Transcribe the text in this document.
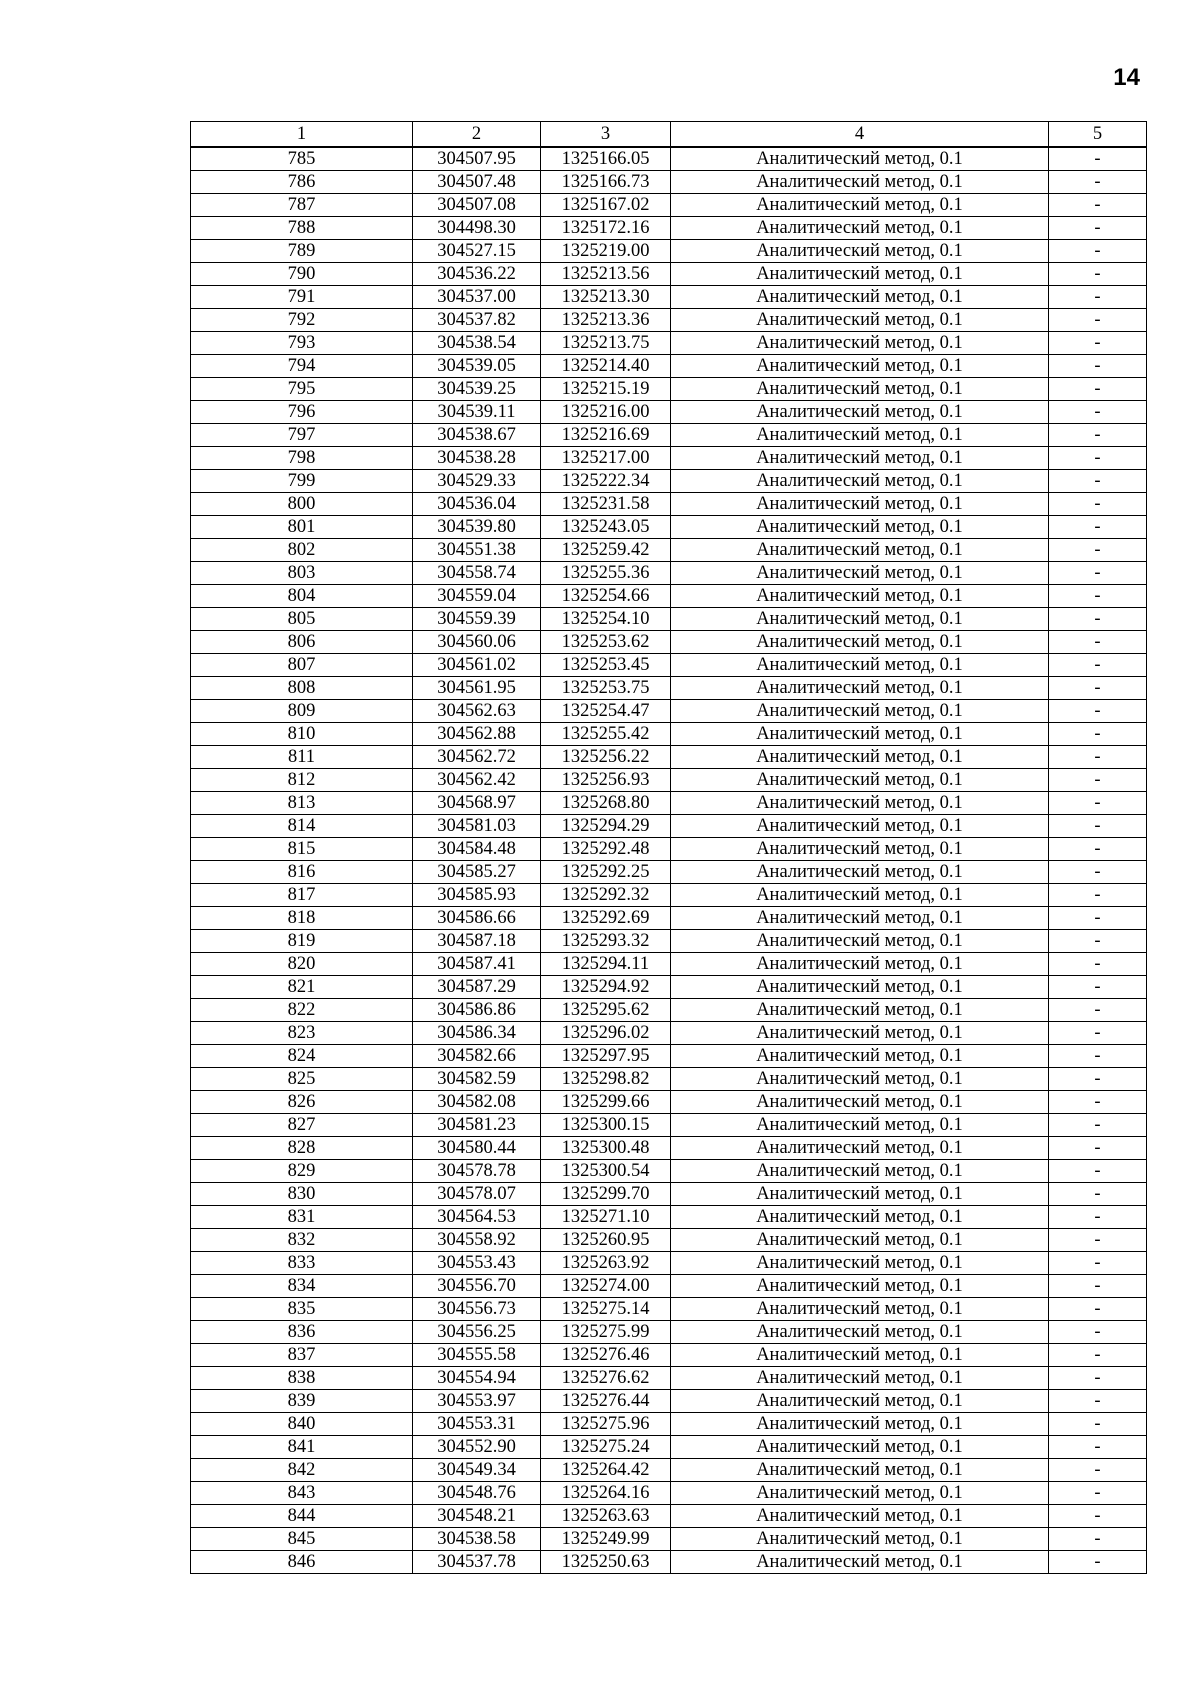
14
1	2	3	4	5
785	304507.95	1325166.05	Аналитический метод, 0.1	-
786	304507.48	1325166.73	Аналитический метод, 0.1	-
787	304507.08	1325167.02	Аналитический метод, 0.1	-
788	304498.30	1325172.16	Аналитический метод, 0.1	-
789	304527.15	1325219.00	Аналитический метод, 0.1	-
790	304536.22	1325213.56	Аналитический метод, 0.1	-
791	304537.00	1325213.30	Аналитический метод, 0.1	-
792	304537.82	1325213.36	Аналитический метод, 0.1	-
793	304538.54	1325213.75	Аналитический метод, 0.1	-
794	304539.05	1325214.40	Аналитический метод, 0.1	-
795	304539.25	1325215.19	Аналитический метод, 0.1	-
796	304539.11	1325216.00	Аналитический метод, 0.1	-
797	304538.67	1325216.69	Аналитический метод, 0.1	-
798	304538.28	1325217.00	Аналитический метод, 0.1	-
799	304529.33	1325222.34	Аналитический метод, 0.1	-
800	304536.04	1325231.58	Аналитический метод, 0.1	-
801	304539.80	1325243.05	Аналитический метод, 0.1	-
802	304551.38	1325259.42	Аналитический метод, 0.1	-
803	304558.74	1325255.36	Аналитический метод, 0.1	-
804	304559.04	1325254.66	Аналитический метод, 0.1	-
805	304559.39	1325254.10	Аналитический метод, 0.1	-
806	304560.06	1325253.62	Аналитический метод, 0.1	-
807	304561.02	1325253.45	Аналитический метод, 0.1	-
808	304561.95	1325253.75	Аналитический метод, 0.1	-
809	304562.63	1325254.47	Аналитический метод, 0.1	-
810	304562.88	1325255.42	Аналитический метод, 0.1	-
811	304562.72	1325256.22	Аналитический метод, 0.1	-
812	304562.42	1325256.93	Аналитический метод, 0.1	-
813	304568.97	1325268.80	Аналитический метод, 0.1	-
814	304581.03	1325294.29	Аналитический метод, 0.1	-
815	304584.48	1325292.48	Аналитический метод, 0.1	-
816	304585.27	1325292.25	Аналитический метод, 0.1	-
817	304585.93	1325292.32	Аналитический метод, 0.1	-
818	304586.66	1325292.69	Аналитический метод, 0.1	-
819	304587.18	1325293.32	Аналитический метод, 0.1	-
820	304587.41	1325294.11	Аналитический метод, 0.1	-
821	304587.29	1325294.92	Аналитический метод, 0.1	-
822	304586.86	1325295.62	Аналитический метод, 0.1	-
823	304586.34	1325296.02	Аналитический метод, 0.1	-
824	304582.66	1325297.95	Аналитический метод, 0.1	-
825	304582.59	1325298.82	Аналитический метод, 0.1	-
826	304582.08	1325299.66	Аналитический метод, 0.1	-
827	304581.23	1325300.15	Аналитический метод, 0.1	-
828	304580.44	1325300.48	Аналитический метод, 0.1	-
829	304578.78	1325300.54	Аналитический метод, 0.1	-
830	304578.07	1325299.70	Аналитический метод, 0.1	-
831	304564.53	1325271.10	Аналитический метод, 0.1	-
832	304558.92	1325260.95	Аналитический метод, 0.1	-
833	304553.43	1325263.92	Аналитический метод, 0.1	-
834	304556.70	1325274.00	Аналитический метод, 0.1	-
835	304556.73	1325275.14	Аналитический метод, 0.1	-
836	304556.25	1325275.99	Аналитический метод, 0.1	-
837	304555.58	1325276.46	Аналитический метод, 0.1	-
838	304554.94	1325276.62	Аналитический метод, 0.1	-
839	304553.97	1325276.44	Аналитический метод, 0.1	-
840	304553.31	1325275.96	Аналитический метод, 0.1	-
841	304552.90	1325275.24	Аналитический метод, 0.1	-
842	304549.34	1325264.42	Аналитический метод, 0.1	-
843	304548.76	1325264.16	Аналитический метод, 0.1	-
844	304548.21	1325263.63	Аналитический метод, 0.1	-
845	304538.58	1325249.99	Аналитический метод, 0.1	-
846	304537.78	1325250.63	Аналитический метод, 0.1	-
